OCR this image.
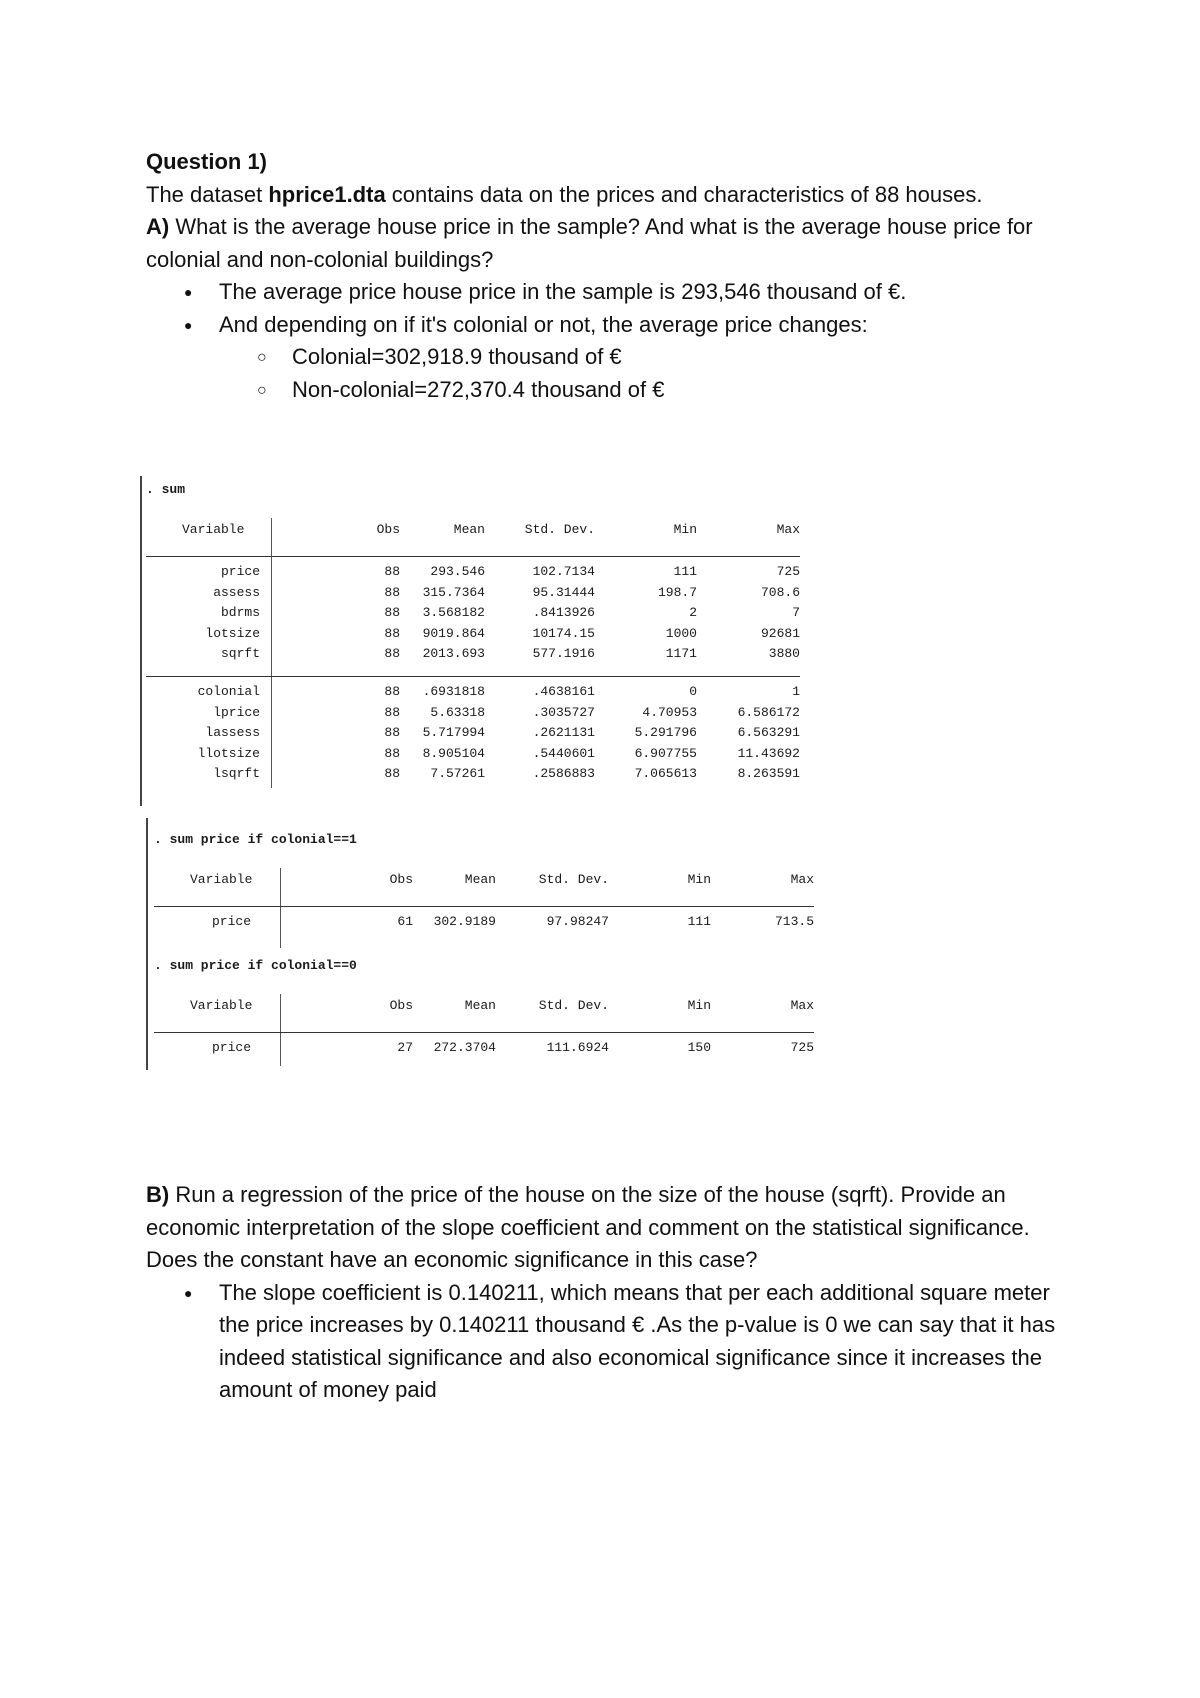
Question 1)

The dataset hprice1.dta contains data on the prices and characteristics of 88 houses.

A) What is the average house price in the sample? And what is the average house price for colonial and non-colonial buildings?

● The average price house price in the sample is 293,546 thousand of €.
● And depending on if it's colonial or not, the average price changes:
○ Colonial=302,918.9 thousand of €
○ Non-colonial=272,370.4 thousand of €
. sum
Variable	Obs	Mean	Std. Dev.	Min	Max
price	88 293.546	102.7134	111	725
assess	88 315.7364	95.31444	198.7	708.6
bdrms	88 3.568182	.8413926	2	7
lotsize	88 9019.864	10174.15	1000	92681
sqrft	88 2013.693	577.1916	1171	3880
colonial	88 .6931818	.4638161	0	1
lprice	88 5.63318	.3035727	4.70953	6.586172
lassess	88 5.717994	.2621131	5.291796	6.563291
llotsize	88 8.905104	.5440601	6.907755	11.43692
lsqrft	88 7.57261	.2586883	7.065613	8.263591
. sum price if colonial==1
Variable	Obs	Mean	Std. Dev.	Min	Max
price	61 302.9189	97.98247	111	713.5
. sum price if colonial==0
Variable	Obs	Mean	Std. Dev.	Min	Max
price	27 272.3704	111.6924	150	725

B) Run a regression of the price of the house on the size of the house (sqrft). Provide an economic interpretation of the slope coefficient and comment on the statistical significance. Does the constant have an economic significance in this case?

● The slope coefficient is 0.140211, which means that per each additional square meter the price increases by 0.140211 thousand € .As the p-value is 0 we can say that it has indeed statistical significance and also economical significance since it increases the amount of money paid
